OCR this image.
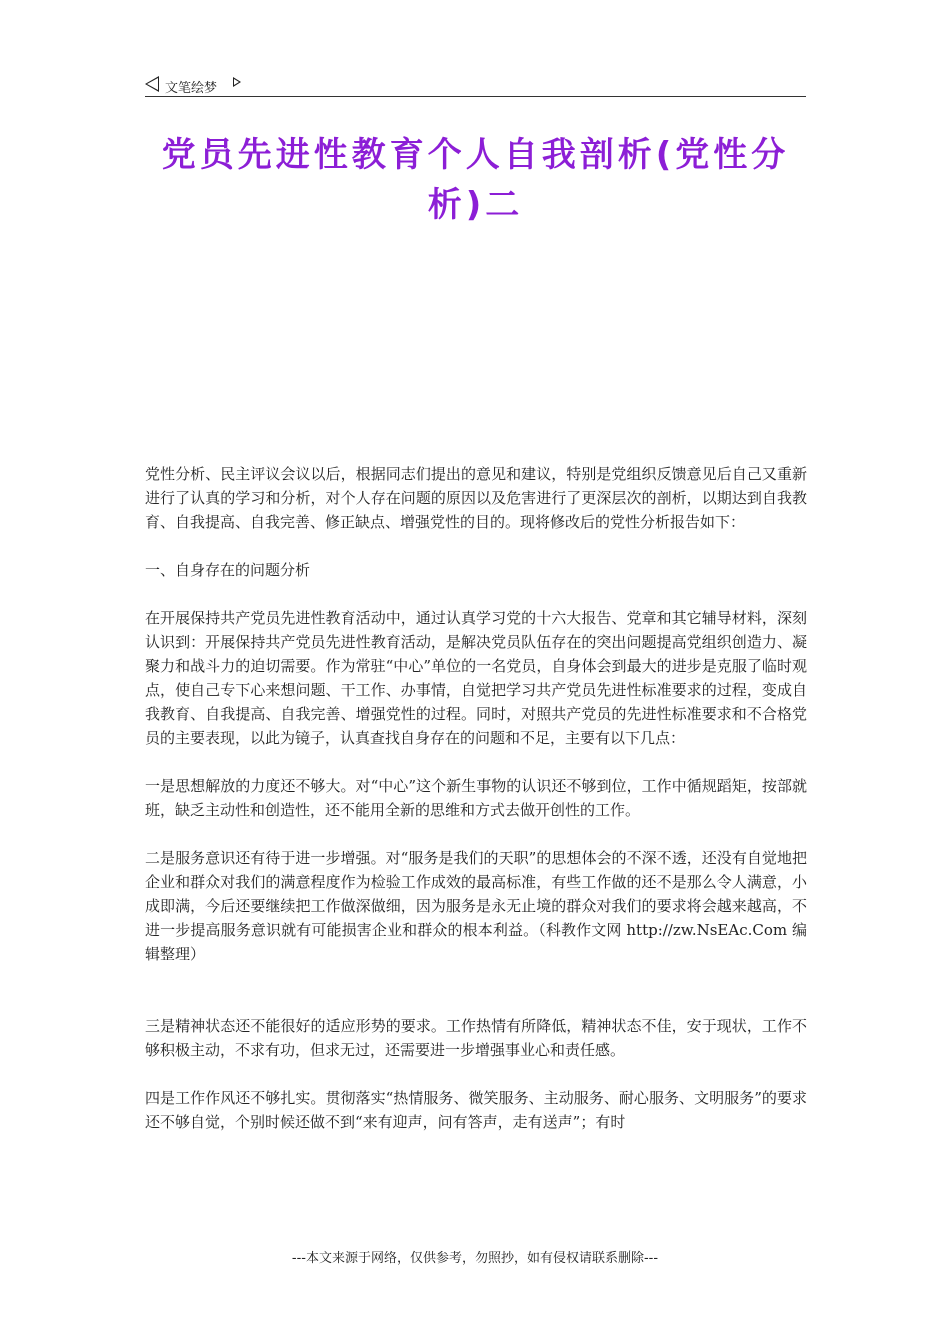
文笔绘梦
党员先进性教育个人自我剖析(党性分析)二

党性分析、民主评议会议以后，根据同志们提出的意见和建议，特别是党组织反馈意见后自己又重新进行了认真的学习和分析，对个人存在问题的原因以及危害进行了更深层次的剖析，以期达到自我教育、自我提高、自我完善、修正缺点、增强党性的目的。现将修改后的党性分析报告如下：

一、自身存在的问题分析

在开展保持共产党员先进性教育活动中，通过认真学习党的十六大报告、党章和其它辅导材料，深刻认识到：开展保持共产党员先进性教育活动，是解决党员队伍存在的突出问题提高党组织创造力、凝聚力和战斗力的迫切需要。作为常驻“中心”单位的一名党员，自身体会到最大的进步是克服了临时观点，使自己专下心来想问题、干工作、办事情，自觉把学习共产党员先进性标准要求的过程，变成自我教育、自我提高、自我完善、增强党性的过程。同时，对照共产党员的先进性标准要求和不合格党员的主要表现，以此为镜子，认真查找自身存在的问题和不足，主要有以下几点：

一是思想解放的力度还不够大。对“中心”这个新生事物的认识还不够到位，工作中循规蹈矩，按部就班，缺乏主动性和创造性，还不能用全新的思维和方式去做开创性的工作。

二是服务意识还有待于进一步增强。对“服务是我们的天职”的思想体会的不深不透，还没有自觉地把企业和群众对我们的满意程度作为检验工作成效的最高标准，有些工作做的还不是那么令人满意，小成即满，今后还要继续把工作做深做细，因为服务是永无止境的群众对我们的要求将会越来越高，不进一步提高服务意识就有可能损害企业和群众的根本利益。（科教作文网 http://zw.NsEAc.Com 编辑整理）

三是精神状态还不能很好的适应形势的要求。工作热情有所降低，精神状态不佳，安于现状，工作不够积极主动，不求有功，但求无过，还需要进一步增强事业心和责任感。

四是工作作风还不够扎实。贯彻落实“热情服务、微笑服务、主动服务、耐心服务、文明服务”的要求还不够自觉，个别时候还做不到“来有迎声，问有答声，走有送声”；有时

---本文来源于网络，仅供参考，勿照抄，如有侵权请联系删除---
